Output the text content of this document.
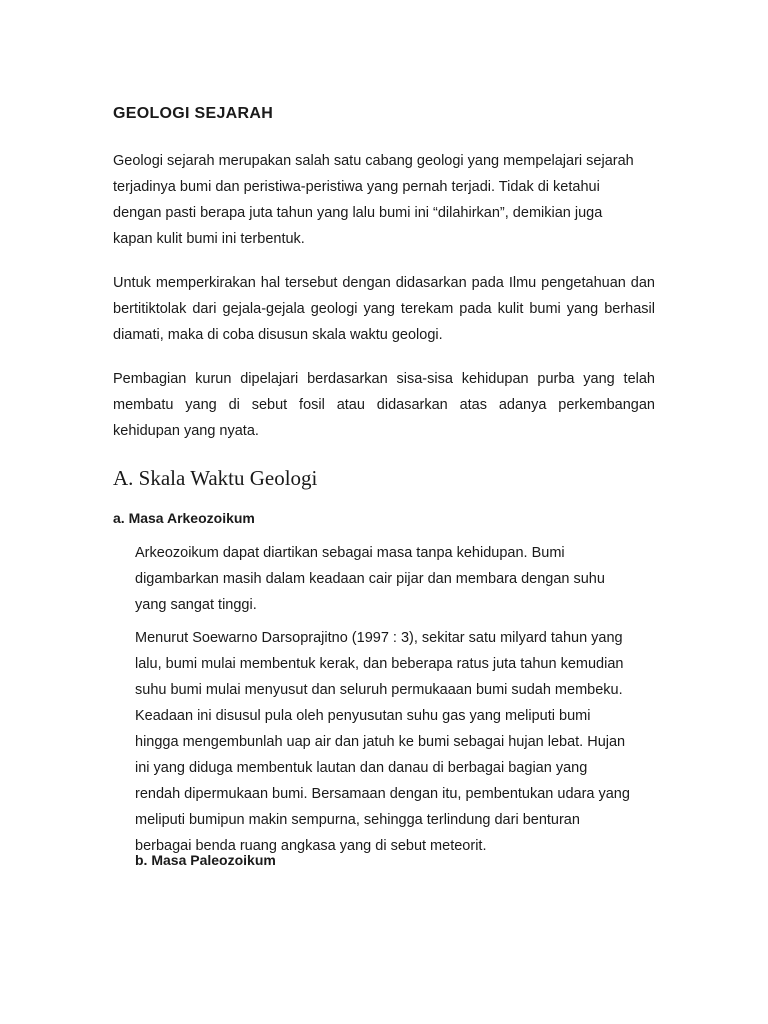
GEOLOGI SEJARAH

Geologi sejarah merupakan salah satu cabang geologi yang mempelajari sejarah
terjadinya bumi dan peristiwa-peristiwa yang pernah terjadi. Tidak di ketahui
dengan pasti berapa juta tahun yang lalu bumi ini “dilahirkan”, demikian juga
kapan kulit bumi ini terbentuk.

Untuk memperkirakan hal tersebut dengan didasarkan pada Ilmu pengetahuan dan bertitiktolak dari gejala-gejala geologi yang terekam pada kulit bumi yang berhasil diamati, maka di coba disusun skala waktu geologi.

Pembagian kurun dipelajari berdasarkan sisa-sisa kehidupan purba yang telah membatu yang di sebut fosil atau didasarkan atas adanya perkembangan kehidupan yang nyata.

A. Skala Waktu Geologi
a. Masa Arkeozoikum

Arkeozoikum dapat diartikan sebagai masa tanpa kehidupan. Bumi
digambarkan masih dalam keadaan cair pijar dan membara dengan suhu
yang sangat tinggi.

Menurut Soewarno Darsoprajitno (1997 : 3), sekitar satu milyard tahun yang
lalu, bumi mulai membentuk kerak, dan beberapa ratus juta tahun kemudian
suhu bumi mulai menyusut dan seluruh permukaaan bumi sudah membeku.
Keadaan ini disusul pula oleh penyusutan suhu gas yang meliputi bumi
hingga mengembunlah uap air dan jatuh ke bumi sebagai hujan lebat. Hujan
ini yang diduga membentuk lautan dan danau di berbagai bagian yang
rendah dipermukaan bumi. Bersamaan dengan itu, pembentukan udara yang
meliputi bumipun makin sempurna, sehingga terlindung dari benturan
berbagai benda ruang angkasa yang di sebut meteorit.

b. Masa Paleozoikum
